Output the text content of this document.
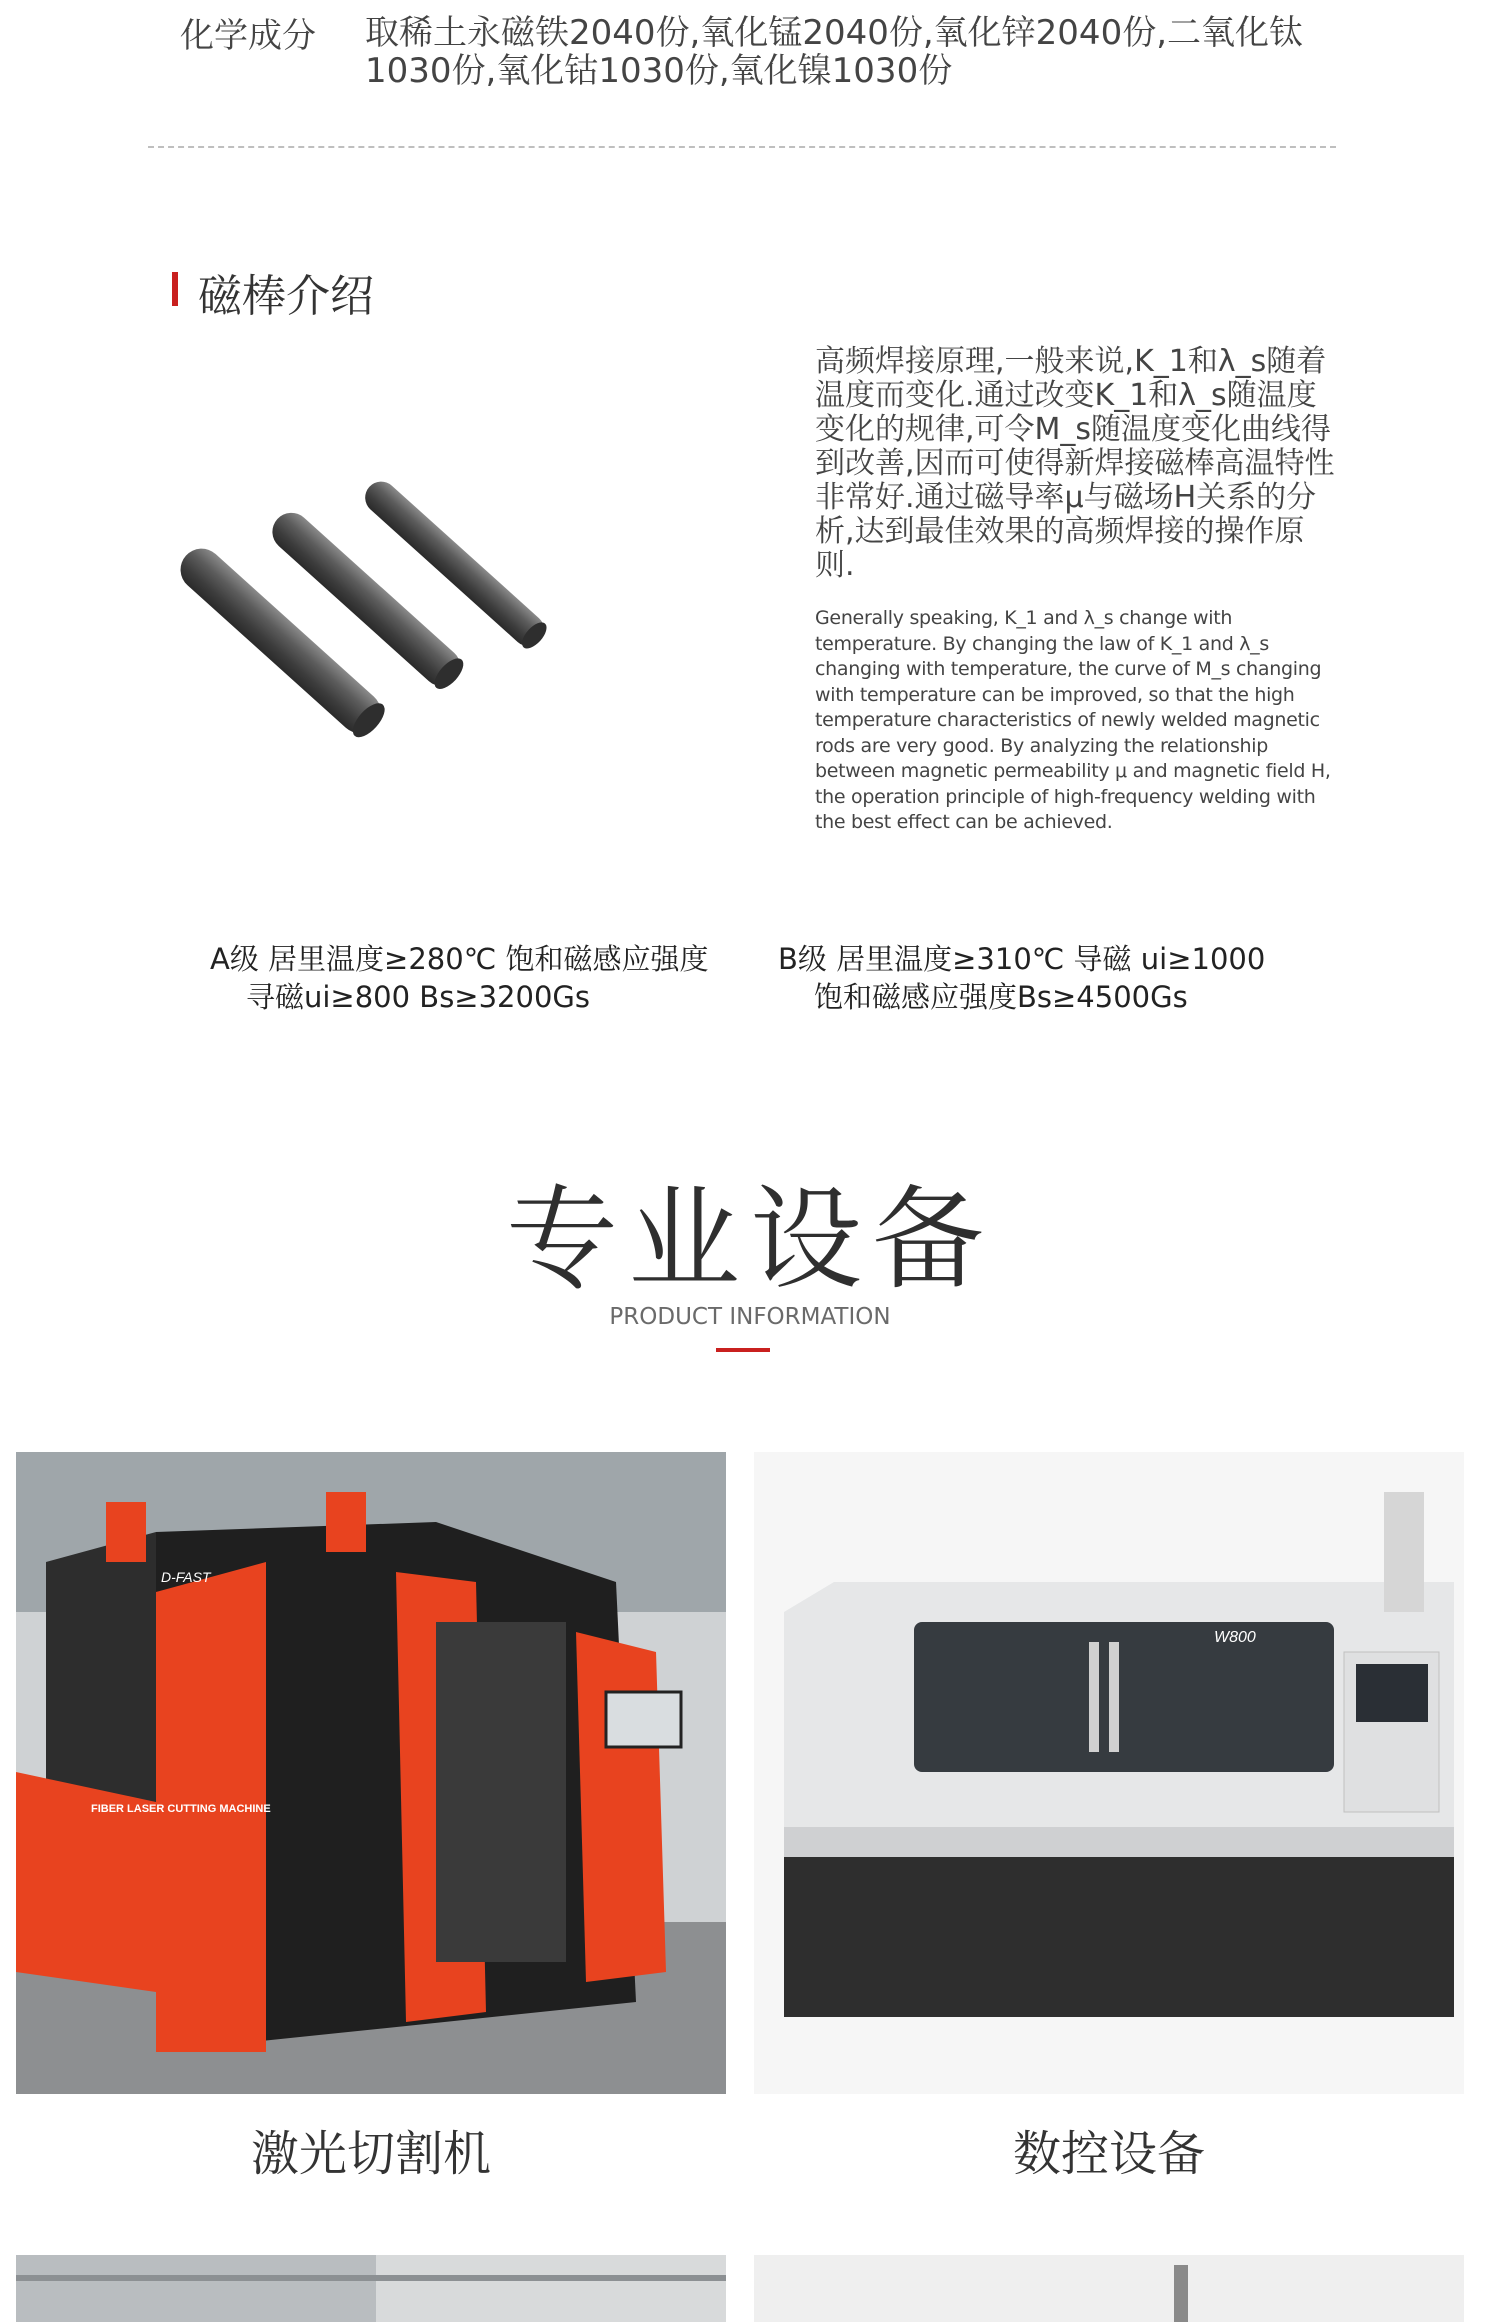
化学成分 取稀土永磁铁2040份,氧化锰2040份,氧化锌2040份,二氧化钛1030份,氧化钴1030份,氧化镍1030份
磁棒介绍
高频焊接原理,一般来说,K_1和λ_s随着温度而变化.通过改变K_1和λ_s随温度变化的规律,可令M_s随温度变化曲线得到改善,因而可使得新焊接磁棒高温特性非常好.通过磁导率μ与磁场H关系的分析,达到最佳效果的高频焊接的操作原则.
Generally speaking, K_1 and λ_s change with temperature. By changing the law of K_1 and λ_s changing with temperature, the curve of M_s changing with temperature can be improved, so that the high temperature characteristics of newly welded magnetic rods are very good. By analyzing the relationship between magnetic permeability μ and magnetic field H, the operation principle of high-frequency welding with the best effect can be achieved.
A级 居里温度≥280℃ 饱和磁感应强度
寻磁ui≥800 Bs≥3200Gs
B级 居里温度≥310℃ 导磁 ui≥1000
饱和磁感应强度Bs≥4500Gs
专业设备
PRODUCT INFORMATION
D-FAST
FIBER LASER CUTTING MACHINE
W800
激光切割机	数控设备
